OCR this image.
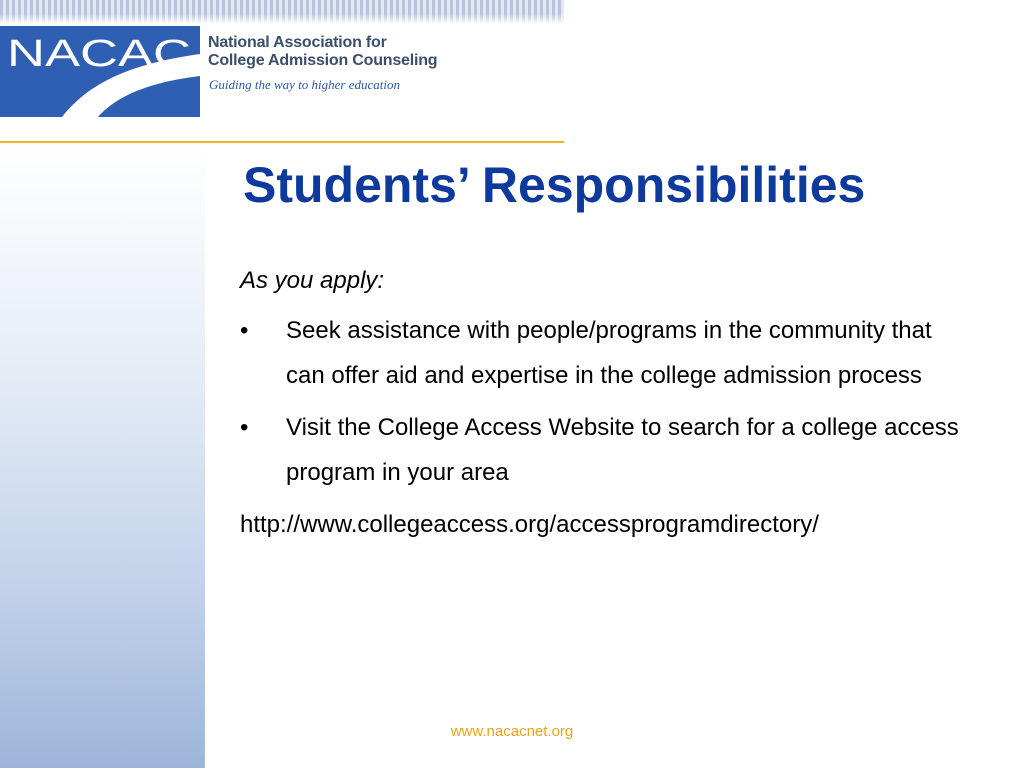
NACAC National Association for
College Admission Counseling
Guiding the way to higher education
Students’ Responsibilities

As you apply:

• Seek assistance with people/programs in the community that can offer aid and expertise in the college admission process
• Visit the College Access Website to search for a college access program in your area

http://www.collegeaccess.org/accessprogramdirectory/

www.nacacnet.org
